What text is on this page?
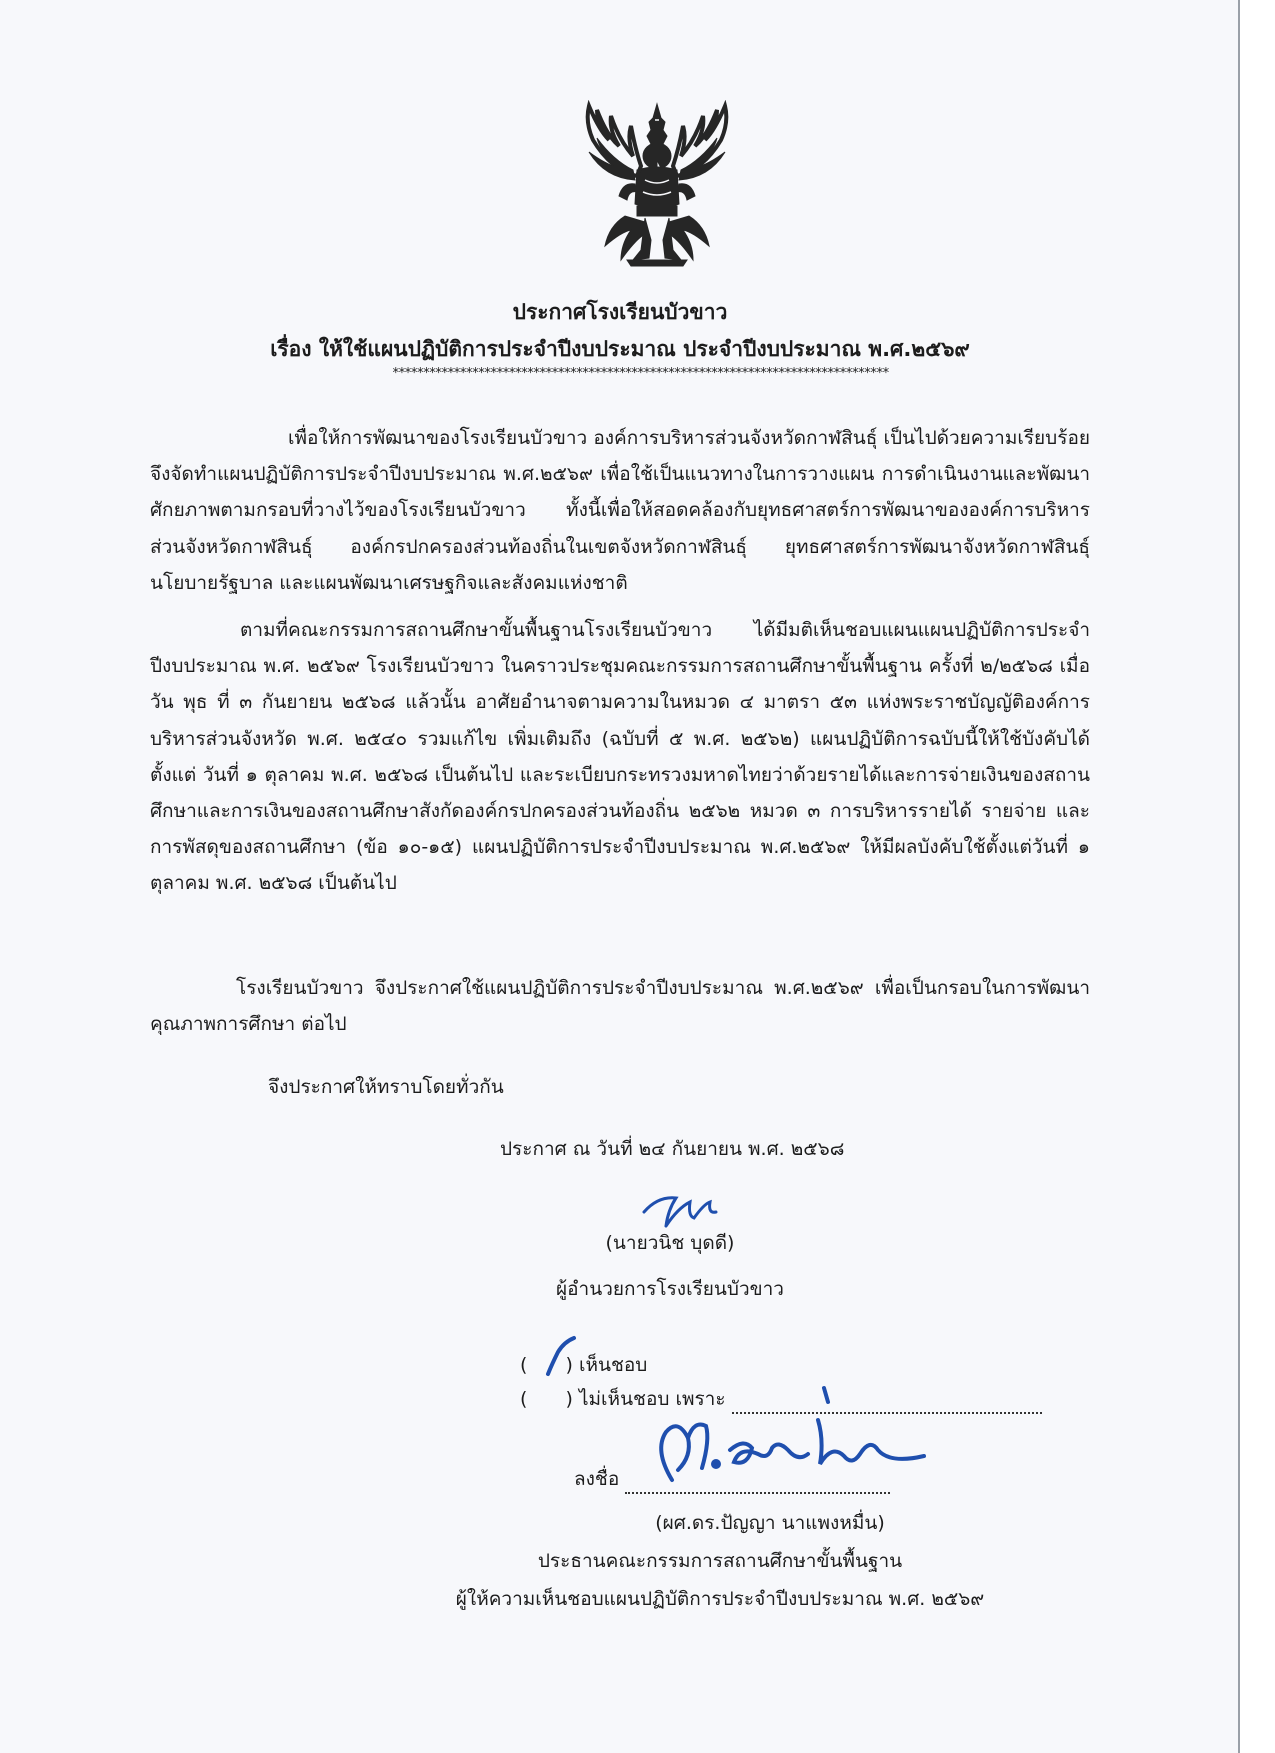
ประกาศโรงเรียนบัวขาว
เรื่อง ให้ใช้แผนปฏิบัติการประจำปีงบประมาณ ประจำปีงบประมาณ พ.ศ.๒๕๖๙
*********************************************************************************

เพื่อให้การพัฒนาของโรงเรียนบัวขาว องค์การบริหารส่วนจังหวัดกาฬสินธุ์ เป็นไปด้วยความเรียบร้อย จึงจัดทำแผนปฏิบัติการประจำปีงบประมาณ พ.ศ.๒๕๖๙ เพื่อใช้เป็นแนวทางในการวางแผน การดำเนินงานและพัฒนาศักยภาพตามกรอบที่วางไว้ของโรงเรียนบัวขาว ทั้งนี้เพื่อให้สอดคล้องกับยุทธศาสตร์การพัฒนาขององค์การบริหารส่วนจังหวัดกาฬสินธุ์ องค์กรปกครองส่วนท้องถิ่นในเขตจังหวัดกาฬสินธุ์ ยุทธศาสตร์การพัฒนาจังหวัดกาฬสินธุ์ นโยบายรัฐบาล และแผนพัฒนาเศรษฐกิจและสังคมแห่งชาติ

ตามที่คณะกรรมการสถานศึกษาขั้นพื้นฐานโรงเรียนบัวขาว ได้มีมติเห็นชอบแผนแผนปฏิบัติการประจำปีงบประมาณ พ.ศ. ๒๕๖๙ โรงเรียนบัวขาว ในคราวประชุมคณะกรรมการสถานศึกษาขั้นพื้นฐาน ครั้งที่ ๒/๒๕๖๘ เมื่อวัน พุธ ที่ ๓ กันยายน ๒๕๖๘ แล้วนั้น อาศัยอำนาจตามความในหมวด ๔ มาตรา ๕๓ แห่งพระราชบัญญัติองค์การบริหารส่วนจังหวัด พ.ศ. ๒๕๔๐ รวมแก้ไข เพิ่มเติมถึง (ฉบับที่ ๕ พ.ศ. ๒๕๖๒) แผนปฏิบัติการฉบับนี้ให้ใช้บังคับได้ ตั้งแต่ วันที่ ๑ ตุลาคม พ.ศ. ๒๕๖๘ เป็นต้นไป และระเบียบกระทรวงมหาดไทยว่าด้วยรายได้และการจ่ายเงินของสถานศึกษาและการเงินของสถานศึกษาสังกัดองค์กรปกครองส่วนท้องถิ่น ๒๕๖๒ หมวด ๓ การบริหารรายได้ รายจ่าย และการพัสดุของสถานศึกษา (ข้อ ๑๐-๑๕) แผนปฏิบัติการประจำปีงบประมาณ พ.ศ.๒๕๖๙ ให้มีผลบังคับใช้ตั้งแต่วันที่ ๑ ตุลาคม พ.ศ. ๒๕๖๘ เป็นต้นไป

โรงเรียนบัวขาว จึงประกาศใช้แผนปฏิบัติการประจำปีงบประมาณ พ.ศ.๒๕๖๙ เพื่อเป็นกรอบในการพัฒนาคุณภาพการศึกษา ต่อไป

จึงประกาศให้ทราบโดยทั่วกัน
ประกาศ ณ วันที่ ๒๔ กันยายน พ.ศ. ๒๕๖๘
(นายวนิช บุดดี)
ผู้อำนวยการโรงเรียนบัวขาว
( ) เห็นชอบ
( ) ไม่เห็นชอบ เพราะ
ลงชื่อ
(ผศ.ดร.ปัญญา นาแพงหมื่น)
ประธานคณะกรรมการสถานศึกษาขั้นพื้นฐาน
ผู้ให้ความเห็นชอบแผนปฏิบัติการประจำปีงบประมาณ พ.ศ. ๒๕๖๙
